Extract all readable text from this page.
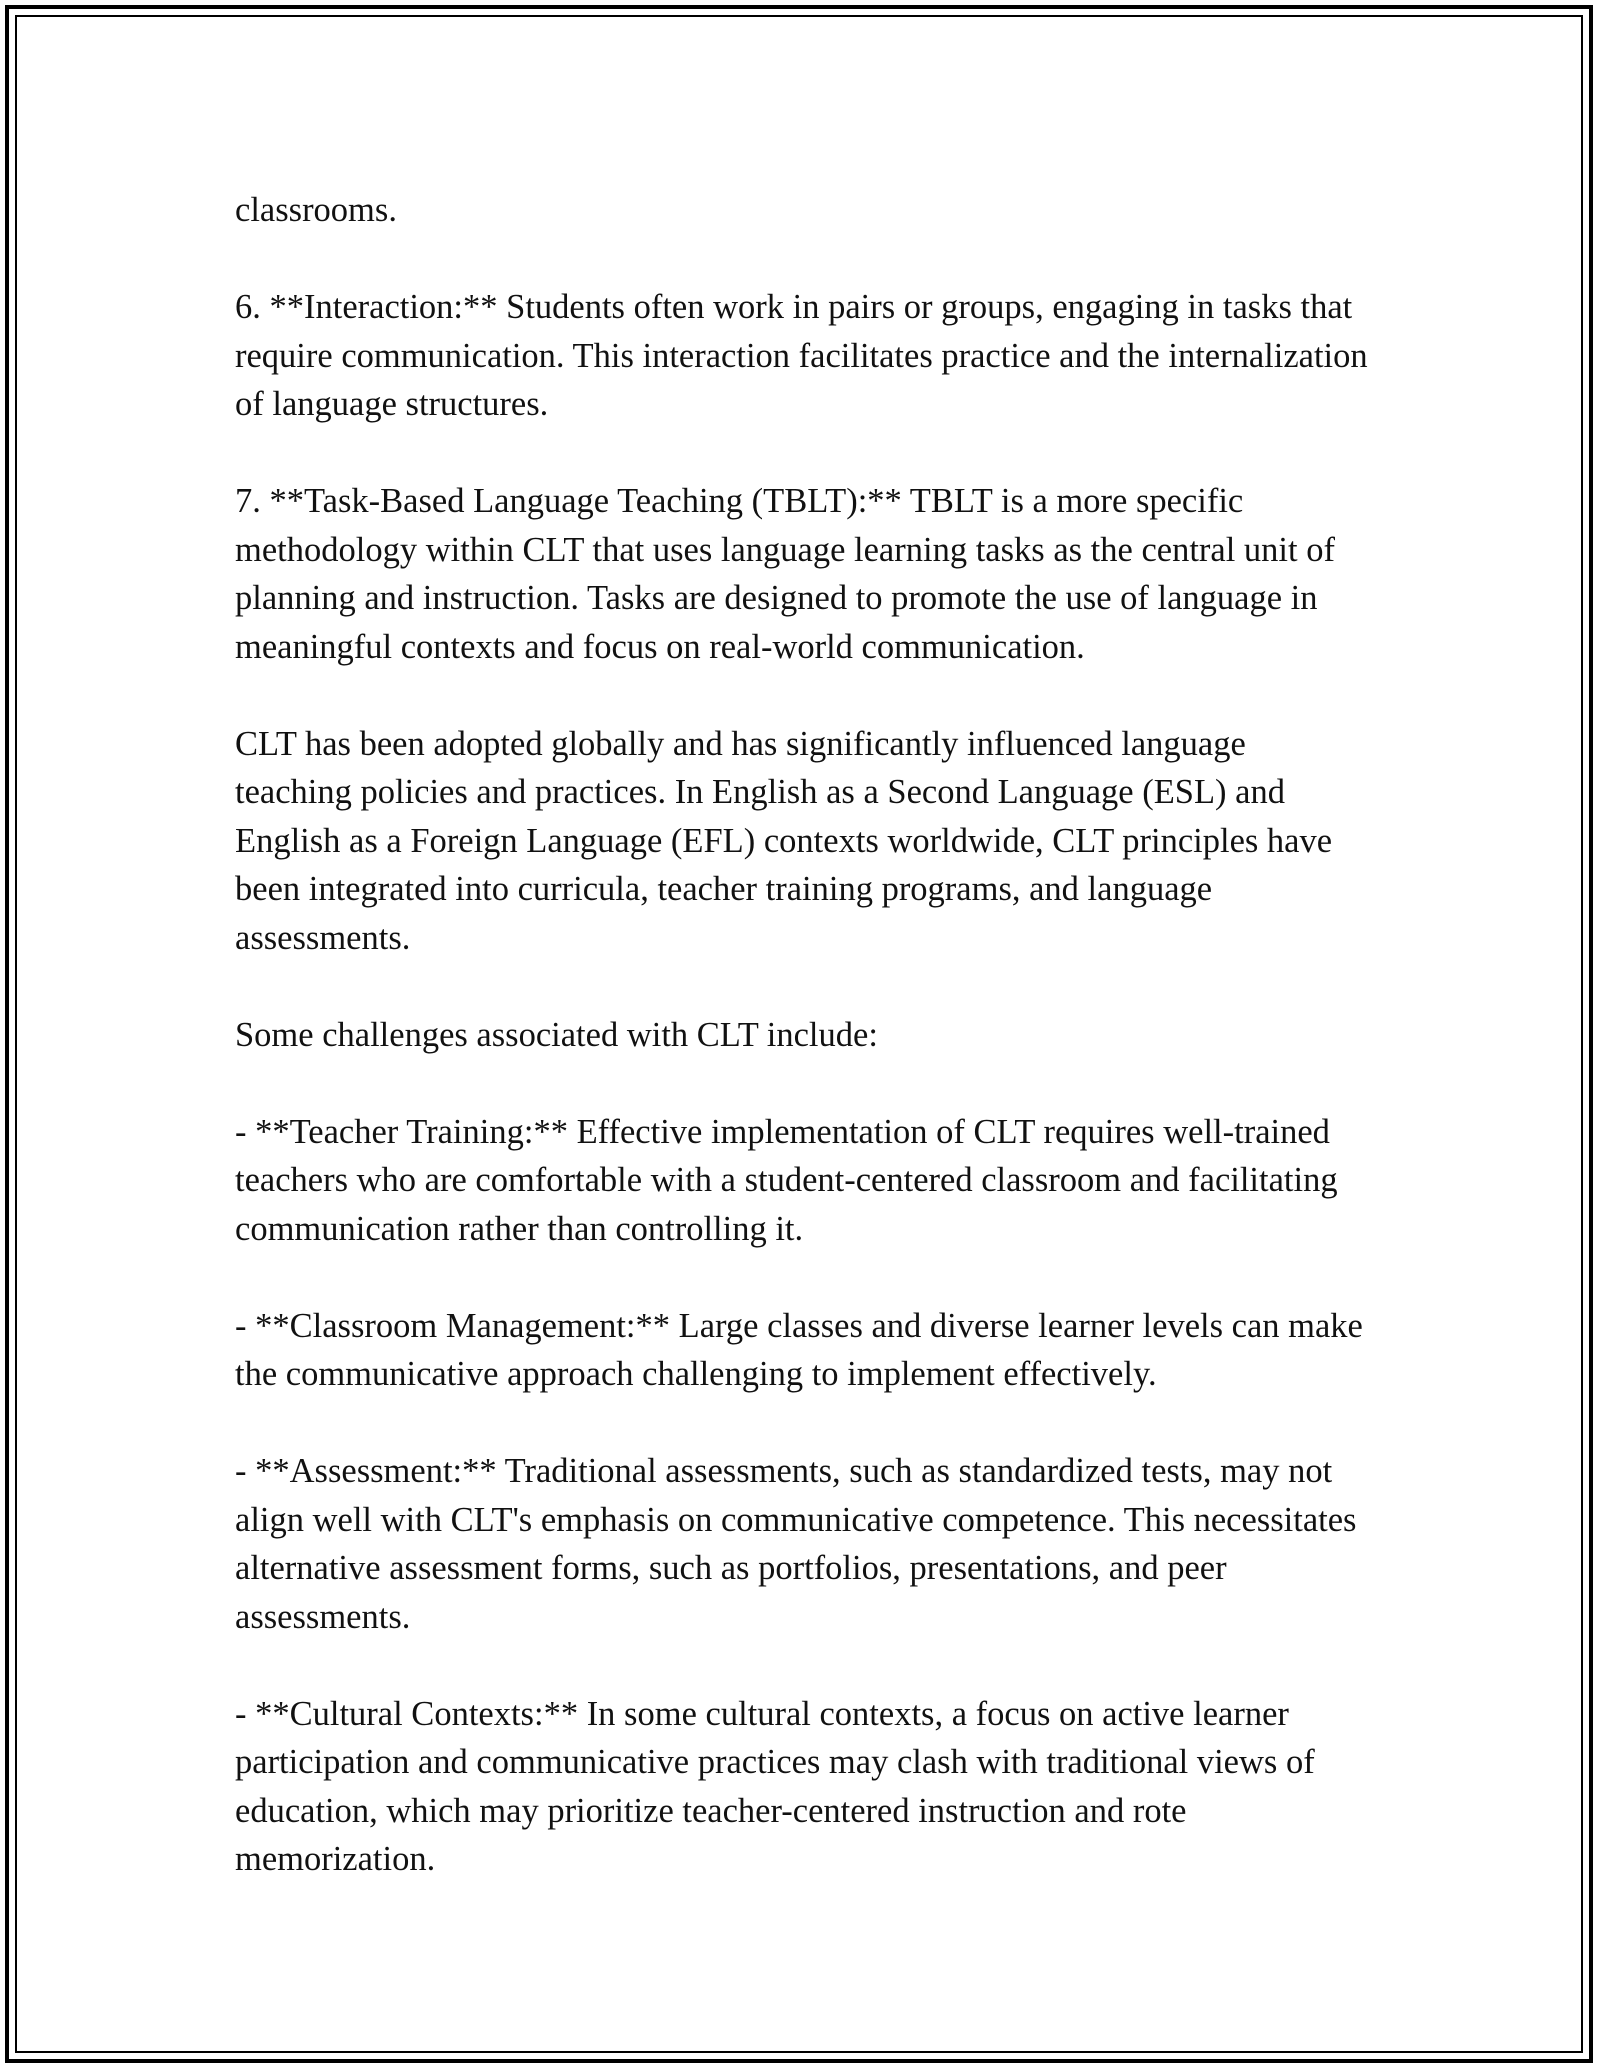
classrooms.

6. **Interaction:** Students often work in pairs or groups, engaging in tasks that require communication. This interaction facilitates practice and the internalization of language structures.

7. **Task-Based Language Teaching (TBLT):** TBLT is a more specific methodology within CLT that uses language learning tasks as the central unit of planning and instruction. Tasks are designed to promote the use of language in meaningful contexts and focus on real-world communication.

CLT has been adopted globally and has significantly influenced language teaching policies and practices. In English as a Second Language (ESL) and English as a Foreign Language (EFL) contexts worldwide, CLT principles have been integrated into curricula, teacher training programs, and language assessments.

Some challenges associated with CLT include:

- **Teacher Training:** Effective implementation of CLT requires well-trained teachers who are comfortable with a student-centered classroom and facilitating communication rather than controlling it.

- **Classroom Management:** Large classes and diverse learner levels can make the communicative approach challenging to implement effectively.

- **Assessment:** Traditional assessments, such as standardized tests, may not align well with CLT's emphasis on communicative competence. This necessitates alternative assessment forms, such as portfolios, presentations, and peer assessments.

- **Cultural Contexts:** In some cultural contexts, a focus on active learner participation and communicative practices may clash with traditional views of education, which may prioritize teacher-centered instruction and rote memorization.
